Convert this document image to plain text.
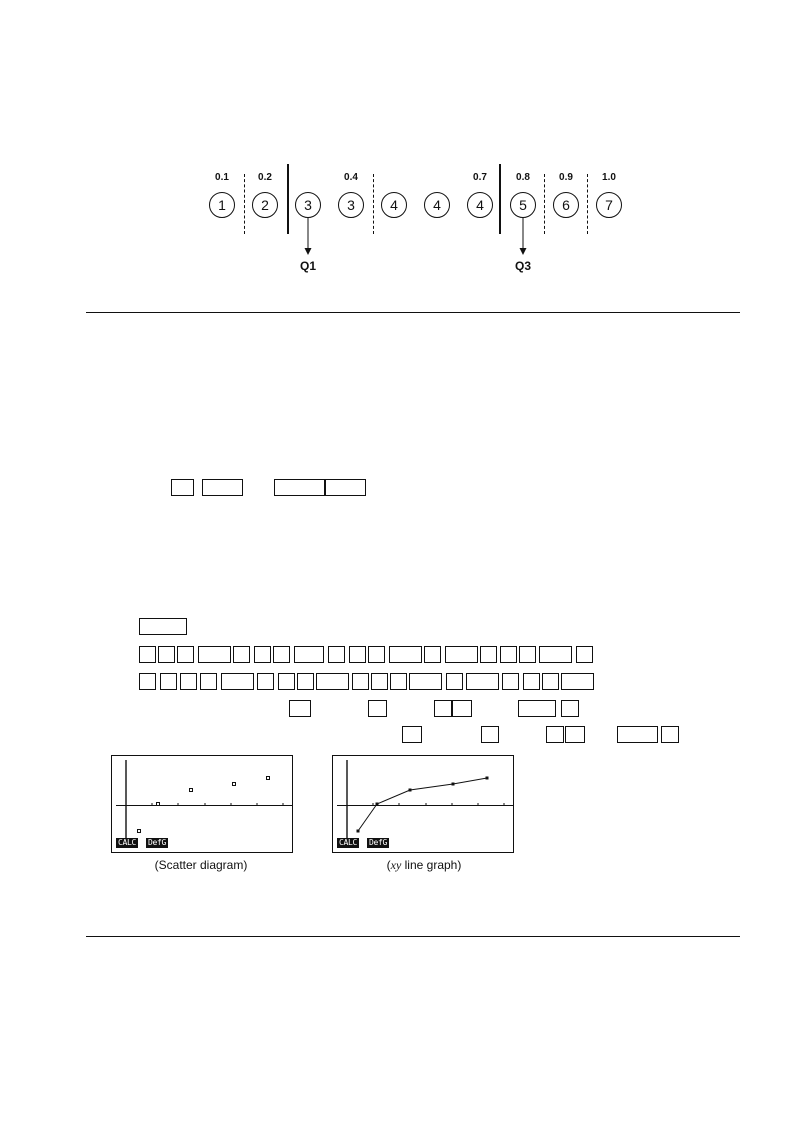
0.1	0.2	0.4	0.7	0.8	0.9	1.0
1	2	3	3	4	4	4	5	6	7
Q1	Q3
CALC DefG	CALC DefG
(Scatter diagram)	(xy line graph)
